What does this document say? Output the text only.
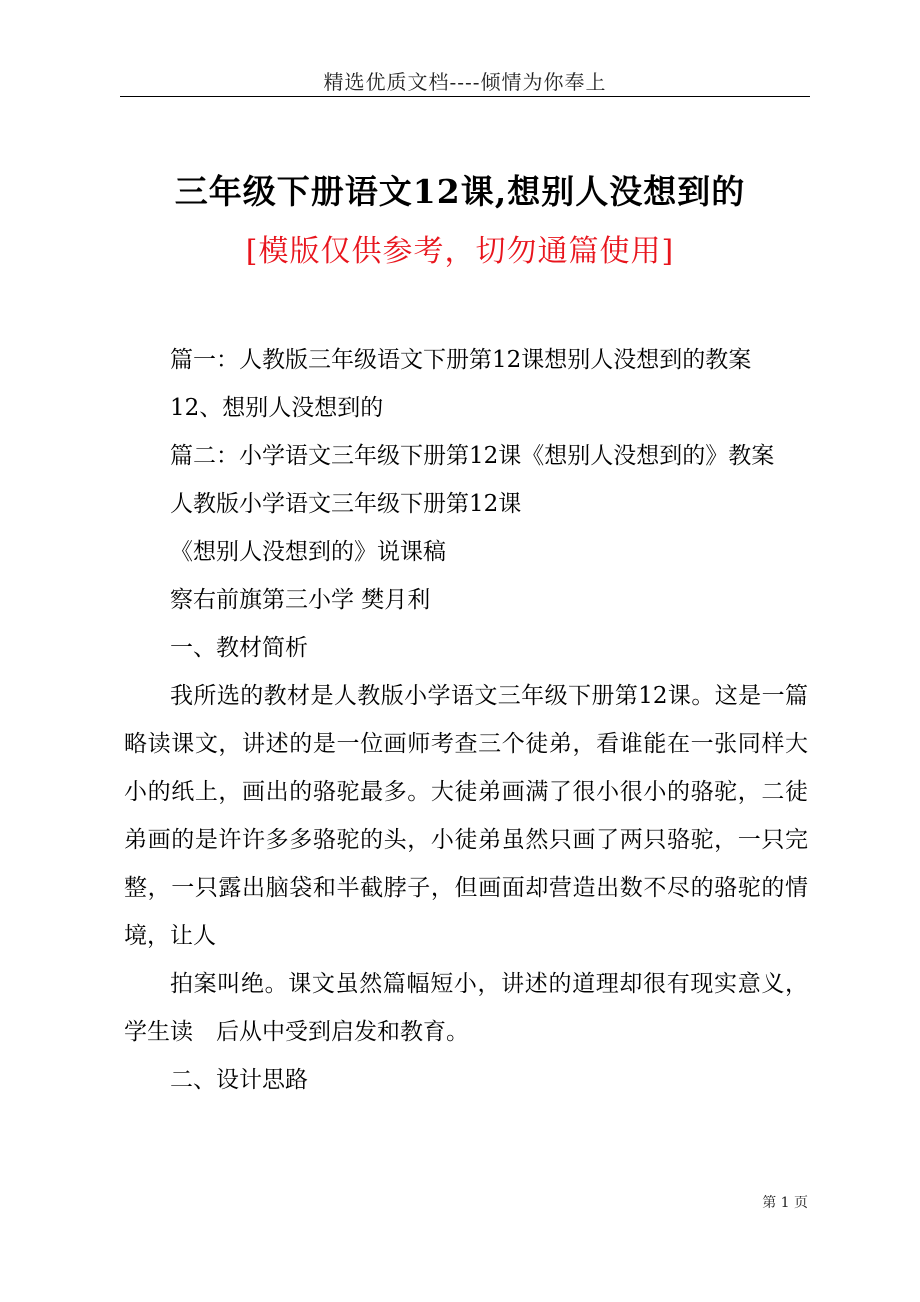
精选优质文档----倾情为你奉上
三年级下册语文12课,想别人没想到的
[模版仅供参考，切勿通篇使用]

篇一：人教版三年级语文下册第12课想别人没想到的教案

12、想别人没想到的

篇二：小学语文三年级下册第12课《想别人没想到的》教案

人教版小学语文三年级下册第12课

《想别人没想到的》说课稿

察右前旗第三小学 樊月利

一、教材简析

我所选的教材是人教版小学语文三年级下册第12课。这是一篇略读课文，讲述的是一位画师考查三个徒弟，看谁能在一张同样大小的纸上，画出的骆驼最多。大徒弟画满了很小很小的骆驼，二徒弟画的是许许多多骆驼的头，小徒弟虽然只画了两只骆驼，一只完整，一只露出脑袋和半截脖子，但画面却营造出数不尽的骆驼的情境，让人

拍案叫绝。课文虽然篇幅短小，讲述的道理却很有现实意义，学生读　后从中受到启发和教育。

二、设计思路

第 1 页
